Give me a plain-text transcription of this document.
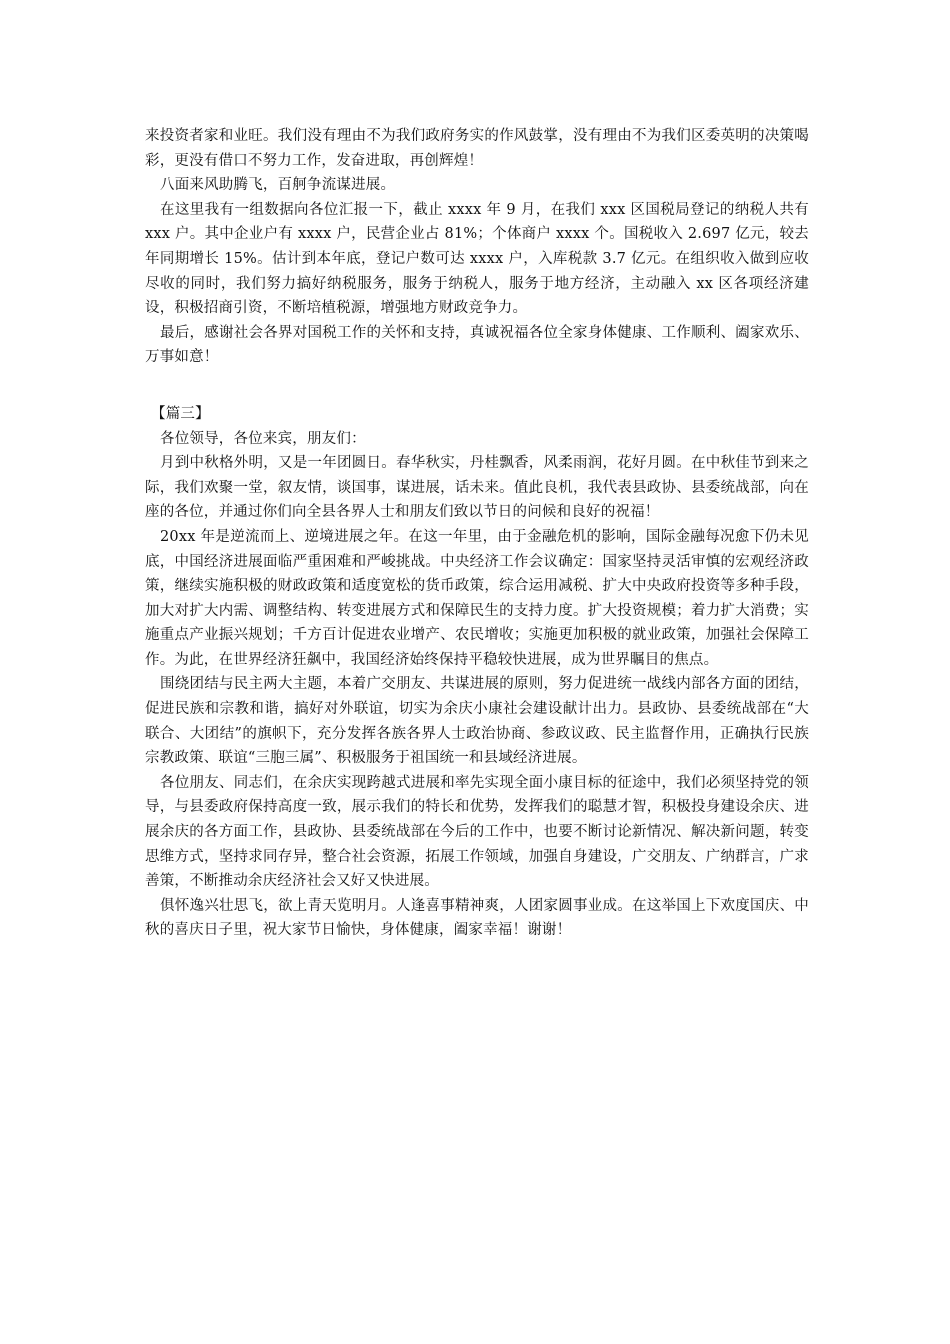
来投资者家和业旺。我们没有理由不为我们政府务实的作风鼓掌，没有理由不为我们区委英明的决策喝彩，更没有借口不努力工作，发奋进取，再创辉煌！

八面来风助腾飞，百舸争流谋进展。

在这里我有一组数据向各位汇报一下，截止 xxxx 年 9 月，在我们 xxx 区国税局登记的纳税人共有 xxx 户。其中企业户有 xxxx 户，民营企业占 81%；个体商户 xxxx 个。国税收入 2.697 亿元，较去年同期增长 15%。估计到本年底，登记户数可达 xxxx 户，入库税款 3.7 亿元。在组织收入做到应收尽收的同时，我们努力搞好纳税服务，服务于纳税人，服务于地方经济，主动融入 xx 区各项经济建设，积极招商引资，不断培植税源，增强地方财政竞争力。

最后，感谢社会各界对国税工作的关怀和支持，真诚祝福各位全家身体健康、工作顺利、阖家欢乐、万事如意！

【篇三】

各位领导，各位来宾，朋友们：

月到中秋格外明，又是一年团圆日。春华秋实，丹桂飘香，风柔雨润，花好月圆。在中秋佳节到来之际，我们欢聚一堂，叙友情，谈国事，谋进展，话未来。值此良机，我代表县政协、县委统战部，向在座的各位，并通过你们向全县各界人士和朋友们致以节日的问候和良好的祝福！

20xx 年是逆流而上、逆境进展之年。在这一年里，由于金融危机的影响，国际金融每况愈下仍未见底，中国经济进展面临严重困难和严峻挑战。中央经济工作会议确定：国家坚持灵活审慎的宏观经济政策，继续实施积极的财政政策和适度宽松的货币政策，综合运用减税、扩大中央政府投资等多种手段，加大对扩大内需、调整结构、转变进展方式和保障民生的支持力度。扩大投资规模；着力扩大消费；实施重点产业振兴规划；千方百计促进农业增产、农民增收；实施更加积极的就业政策，加强社会保障工作。为此，在世界经济狂飙中，我国经济始终保持平稳较快进展，成为世界瞩目的焦点。

围绕团结与民主两大主题，本着广交朋友、共谋进展的原则，努力促进统一战线内部各方面的团结，促进民族和宗教和谐，搞好对外联谊，切实为余庆小康社会建设献计出力。县政协、县委统战部在“大联合、大团结”的旗帜下，充分发挥各族各界人士政治协商、参政议政、民主监督作用，正确执行民族宗教政策、联谊“三胞三属”、积极服务于祖国统一和县域经济进展。

各位朋友、同志们，在余庆实现跨越式进展和率先实现全面小康目标的征途中，我们必须坚持党的领导，与县委政府保持高度一致，展示我们的特长和优势，发挥我们的聪慧才智，积极投身建设余庆、进展余庆的各方面工作，县政协、县委统战部在今后的工作中，也要不断讨论新情况、解决新问题，转变思维方式，坚持求同存异，整合社会资源，拓展工作领域，加强自身建设，广交朋友、广纳群言，广求善策，不断推动余庆经济社会又好又快进展。

俱怀逸兴壮思飞，欲上青天览明月。人逢喜事精神爽，人团家圆事业成。在这举国上下欢度国庆、中秋的喜庆日子里，祝大家节日愉快，身体健康，阖家幸福！谢谢！
